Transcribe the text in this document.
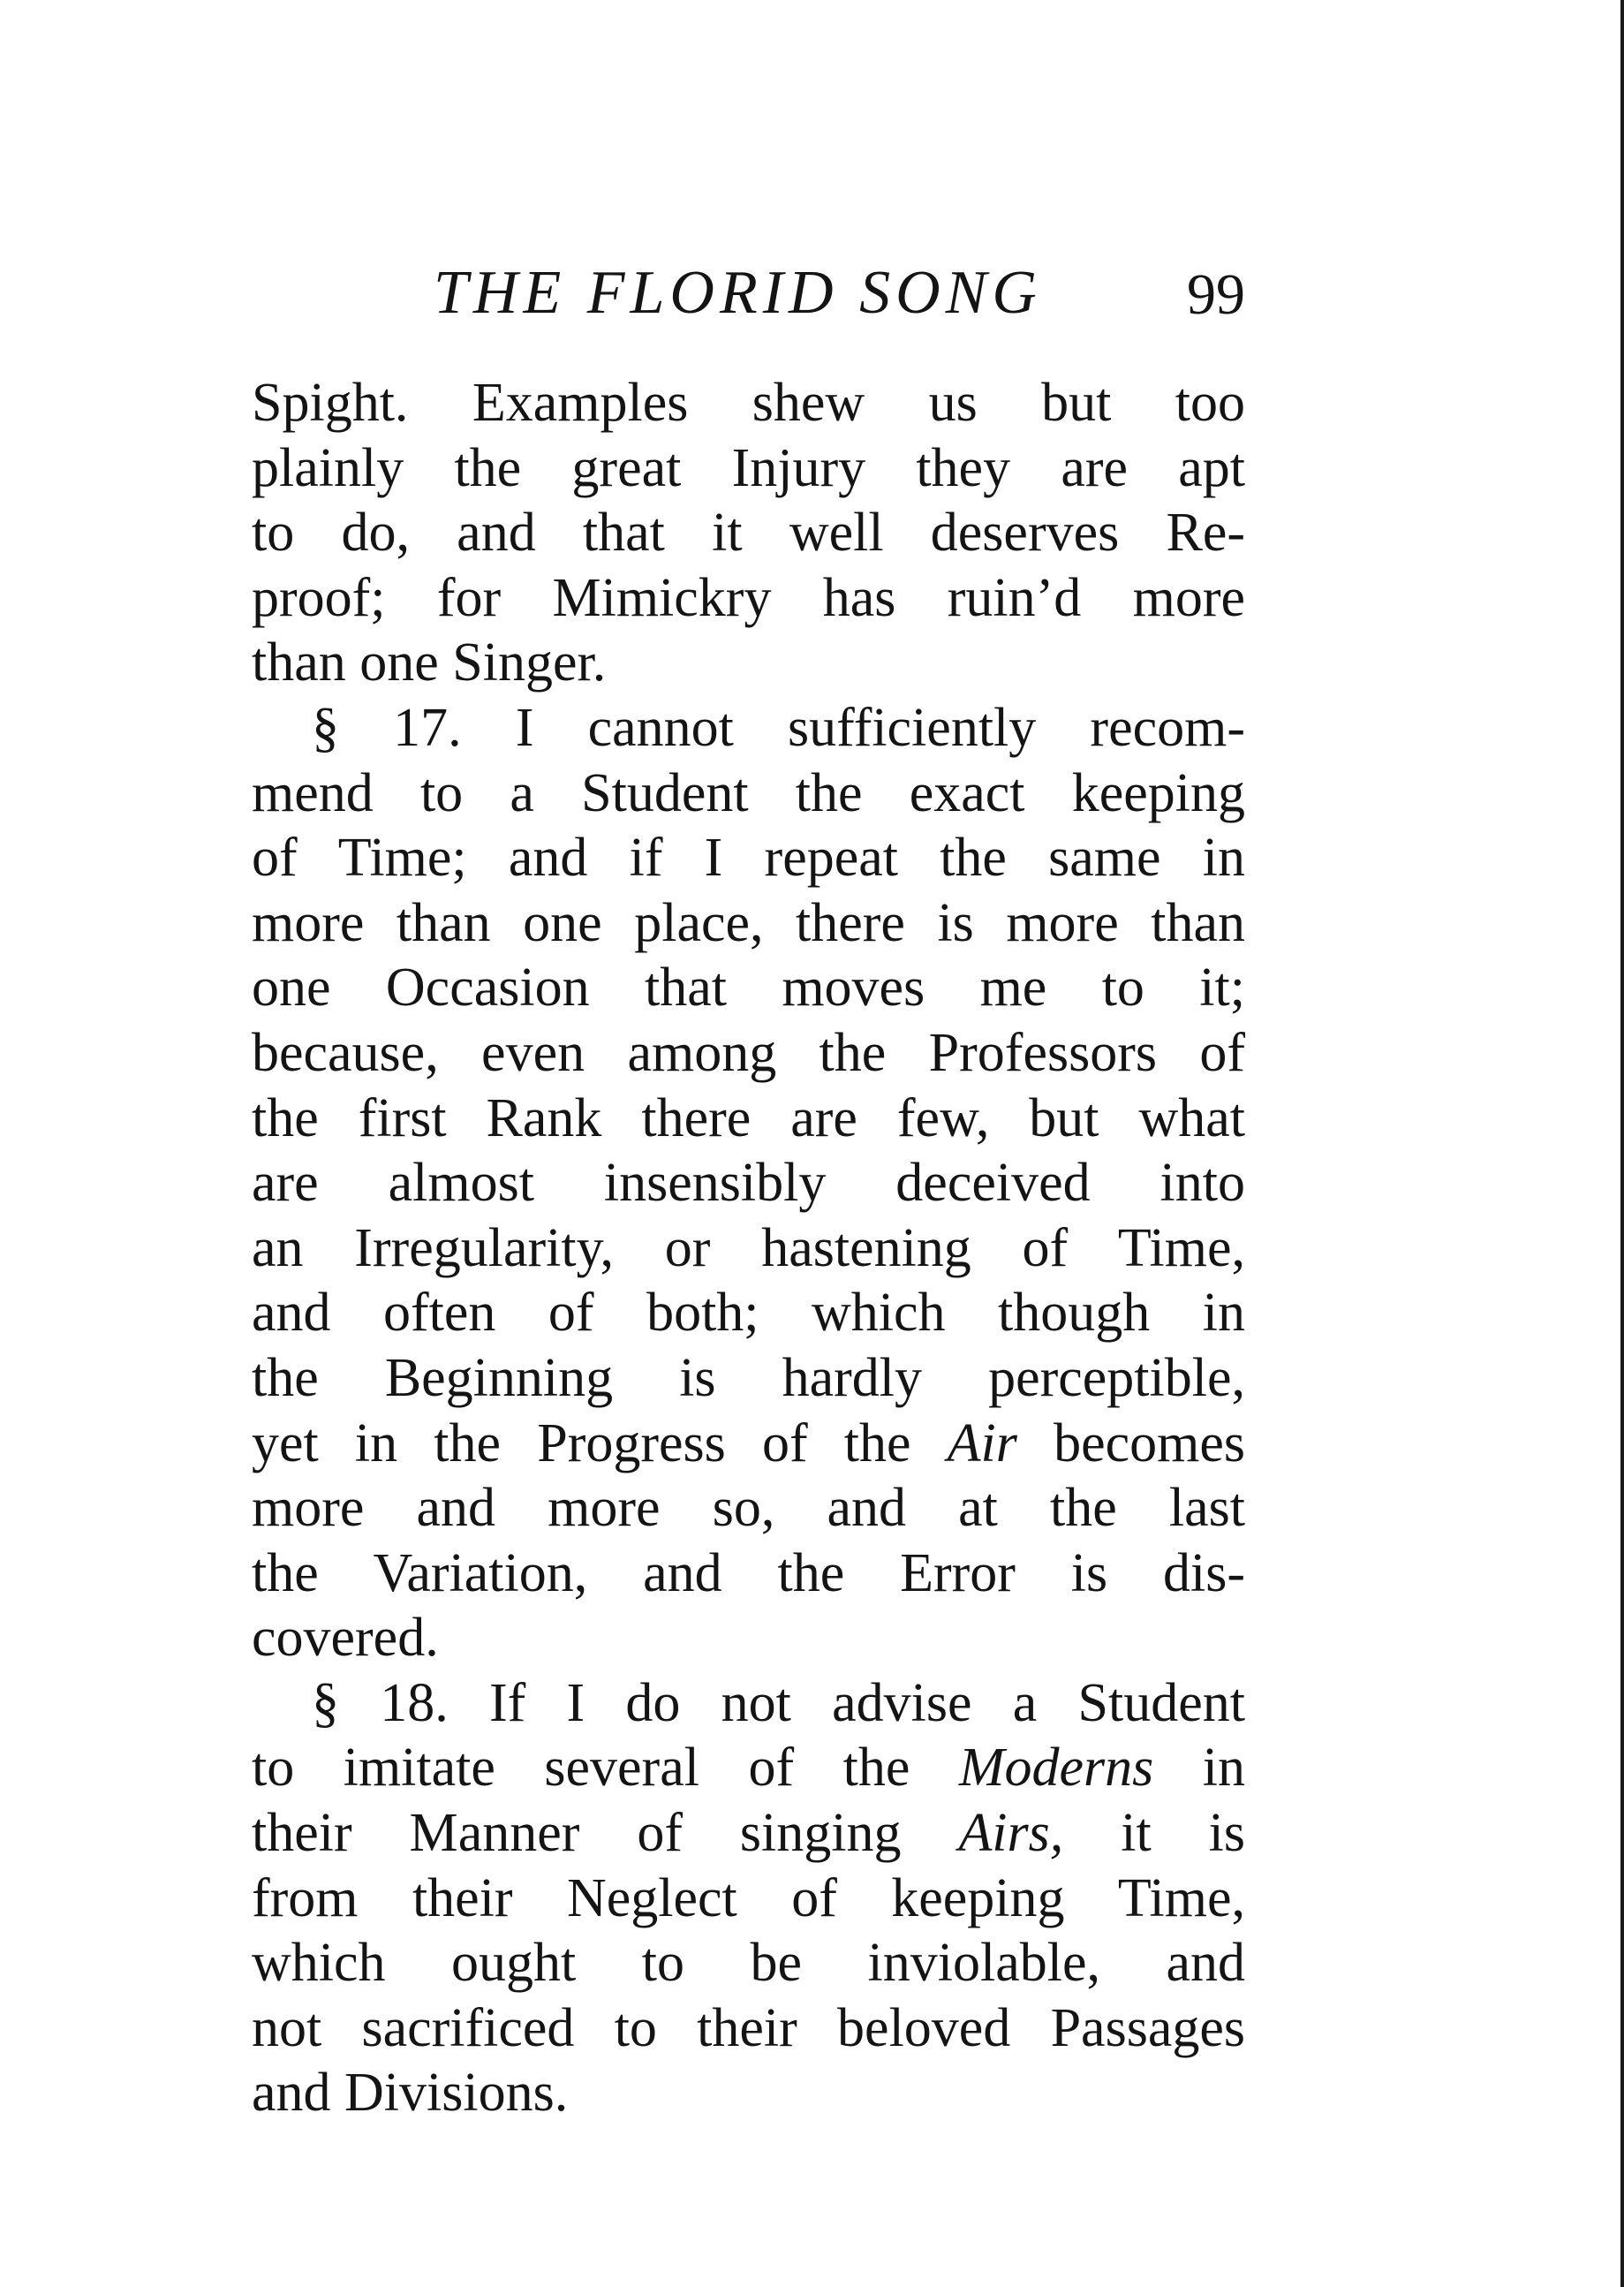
THE FLORID SONG 99
Spight. Examples shew us but too
plainly the great Injury they are apt
to do, and that it well deserves Re-
proof; for Mimickry has ruin’d more
than one Singer.
§ 17. I cannot sufficiently recom-
mend to a Student the exact keeping
of Time; and if I repeat the same in
more than one place, there is more than
one Occasion that moves me to it;
because, even among the Professors of
the first Rank there are few, but what
are almost insensibly deceived into
an Irregularity, or hastening of Time,
and often of both; which though in
the Beginning is hardly perceptible,
yet in the Progress of the Air becomes
more and more so, and at the last
the Variation, and the Error is dis-
covered.
§ 18. If I do not advise a Student
to imitate several of the Moderns in
their Manner of singing Airs, it is
from their Neglect of keeping Time,
which ought to be inviolable, and
not sacrificed to their beloved Passages
and Divisions.
